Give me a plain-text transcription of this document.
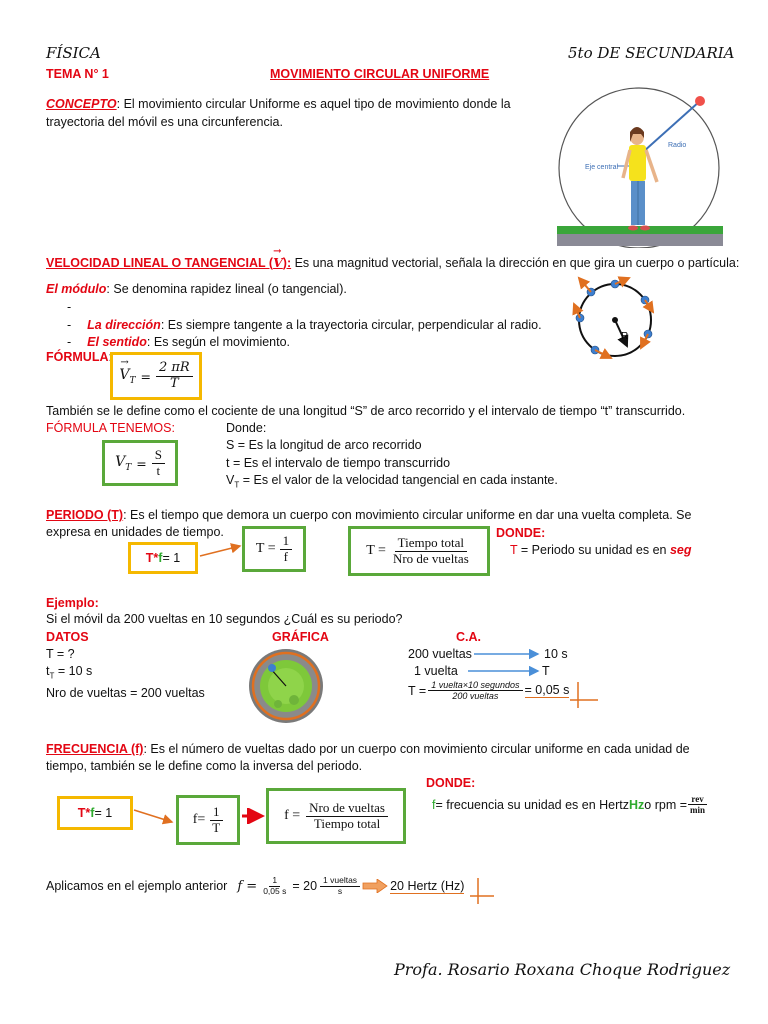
FÍSICA	5to DE SECUNDARIA
TEMA N° 1	MOVIMIENTO CIRCULAR UNIFORME
CONCEPTO: El movimiento circular Uniforme es aquel tipo de movimiento donde la trayectoria del móvil es una circunferencia.
Radio
Eje central
VELOCIDAD LINEAL O TANGENCIAL (V
→
): Es una magnitud vectorial, señala la dirección en que gira un cuerpo o partícula:
El módulo: Se denomina rapidez lineal (o tangencial).
-
- La dirección: Es siempre tangente a la trayectoria circular, perpendicular al radio.
- El sentido: Es según el movimiento.	R
FÓRMULA: →
$V_T = \frac{2 \pi R}{T}$
También se le define como el cociente de una longitud “S” de arco recorrido y el intervalo de tiempo “t” transcurrido.
FÓRMULA TENEMOS:	Donde:
S = Es la longitud de arco recorrido
t = Es el intervalo de tiempo transcurrido
$V_T = Es$ el valor de la velocidad tangencial en cada instante.
$V_T = \frac{S}{t}$
PERIODO (T): Es el tiempo que demora un cuerpo con movimiento circular uniforme en dar una vuelta completa. Se expresa en unidades de tiempo.
T* f = 1
$T = \frac{1}{f}$	$T = \frac{\text{Tiempo total}}{\text{Nro de vueltas}}$
DONDE:
T = Periodo su unidad es en seg
Ejemplo:
Si el móvil da 200 vueltas en 10 segundos ¿Cuál es su periodo?
DATOS	GRÁFICA	C.A.
T = ?
$t_T = 10$ s
Nro de vueltas = 200 vueltas
200 vueltas	10 s
1 vuelta	T
$T = \frac{\text{1 vuelta×10 segundos}}{\text{200 vueltas}} = 0,05$ s
FRECUENCIA (f): Es el número de vueltas dado por un cuerpo con movimiento circular uniforme en cada unidad de tiempo, también se le define como la inversa del periodo.
DONDE:
T* f = 1	$f= \frac{1}{T}$	$f = \frac{\text{Nro de vueltas}}{\text{Tiempo total}}$	f = frecuencia su unidad es en Hertz Hz o rpm = $\frac{\text{rev}}{\min}$
Aplicamos en el ejemplo anterior $f = \frac{1}{0,05 s} = 20 \frac{\text{1 vueltas}}{s} 20$ Hertz (Hz)
Profa. Rosario Roxana Choque Rodriguez
